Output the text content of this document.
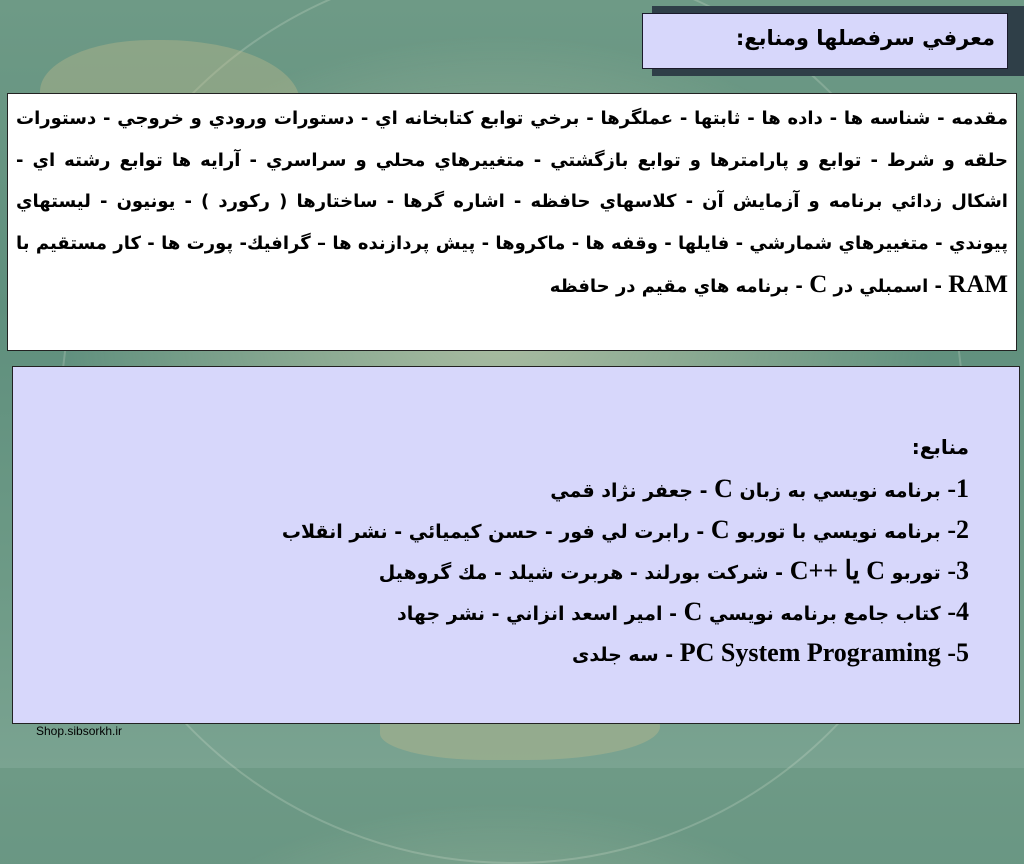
معرفي سرفصلها ومنابع:

مقدمه - شناسه ها - داده ها - ثابتها - عملگرها - برخي توابع كتابخانه اي - دستورات ورودي و خروجي - دستورات حلقه و شرط - توابع و پارامترها و توابع بازگشتي - متغييرهاي محلي و سراسري - آرايه ها توابع رشته اي - اشكال زدائي برنامه و آزمايش آن - كلاسهاي حافظه - اشاره گرها - ساختارها ( ركورد ) - يونيون - ليستهاي پيوندي - متغييرهاي شمارشي - فايلها - وقفه ها - ماكروها - پيش پردازنده ها – گرافيك- پورت ها - كار مستقيم با RAM - اسمبلي در C - برنامه هاي مقيم در حافظه

منابع:
1- برنامه نويسي به زبان C - جعفر نژاد قمي
2- برنامه نويسي با توربو C - رابرت لي فور - حسن كيميائي - نشر انقلاب
3- توربو C يا ++C - شركت بورلند - هربرت شيلد - مك گروهيل
4- كتاب جامع برنامه نويسي C - امير اسعد انزاني - نشر جهاد
5- PC System Programing - سه جلدی

Shop.sibsorkh.ir
